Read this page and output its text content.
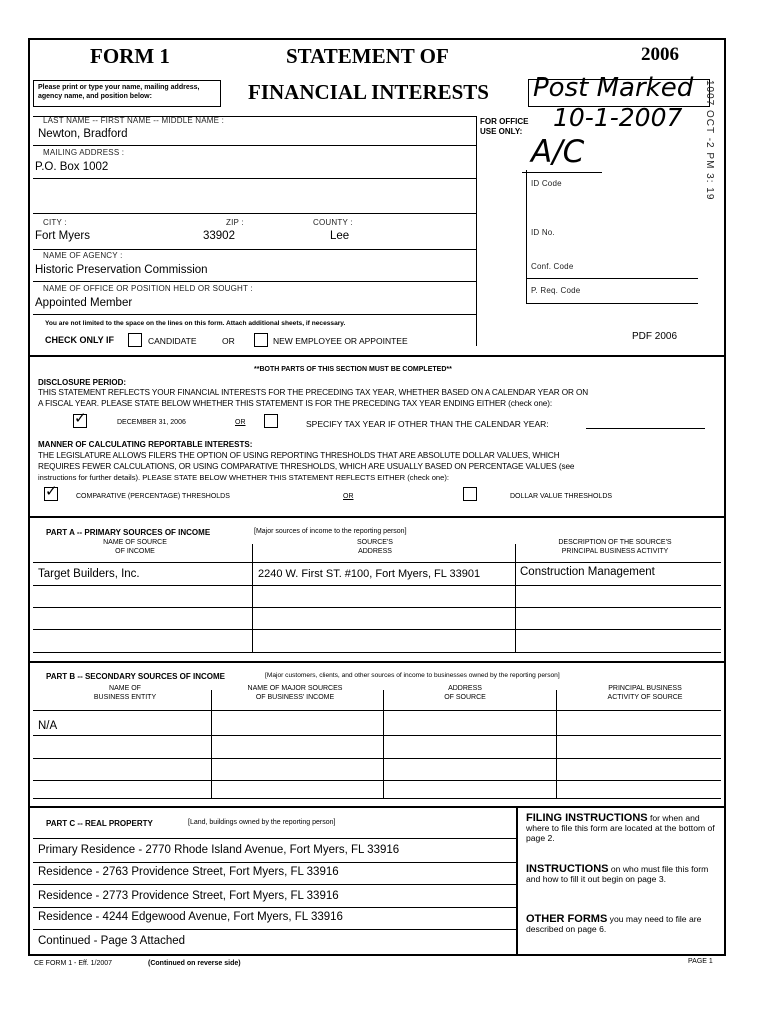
FORM 1	STATEMENT OF	2006
Please print or type your name, mailing address, agency name, and position below:	FINANCIAL INTERESTS Post Marked
10-1-2007
A/C	1007 OCT -2 PM 3: 19
LAST NAME -- FIRST NAME -- MIDDLE NAME :
Newton, Bradford
MAILING ADDRESS :
P.O. Box 1002
CITY :	ZIP :	COUNTY :
Fort Myers	33902	Lee
NAME OF AGENCY :
Historic Preservation Commission
NAME OF OFFICE OR POSITION HELD OR SOUGHT :
Appointed Member
You are not limited to the space on the lines on this form. Attach additional sheets, if necessary.
CHECK ONLY IF	CANDIDATE	OR	NEW EMPLOYEE OR APPOINTEE
FOR OFFICE USE ONLY:
ID Code
ID No.
Conf. Code
P. Req. Code
PDF 2006
**BOTH PARTS OF THIS SECTION MUST BE COMPLETED**
DISCLOSURE PERIOD:
THIS STATEMENT REFLECTS YOUR FINANCIAL INTERESTS FOR THE PRECEDING TAX YEAR, WHETHER BASED ON A CALENDAR YEAR OR ON
A FISCAL YEAR. PLEASE STATE BELOW WHETHER THIS STATEMENT IS FOR THE PRECEDING TAX YEAR ENDING EITHER (check one):
✓	DECEMBER 31, 2006	OR	SPECIFY TAX YEAR IF OTHER THAN THE CALENDAR YEAR:
MANNER OF CALCULATING REPORTABLE INTERESTS:
THE LEGISLATURE ALLOWS FILERS THE OPTION OF USING REPORTING THRESHOLDS THAT ARE ABSOLUTE DOLLAR VALUES, WHICH
REQUIRES FEWER CALCULATIONS, OR USING COMPARATIVE THRESHOLDS, WHICH ARE USUALLY BASED ON PERCENTAGE VALUES (see
instructions for further details). PLEASE STATE BELOW WHETHER THIS STATEMENT REFLECTS EITHER (check one):
✓	COMPARATIVE (PERCENTAGE) THRESHOLDS	OR	DOLLAR VALUE THRESHOLDS
PART A -- PRIMARY SOURCES OF INCOME	[Major sources of income to the reporting person]
NAME OF SOURCE
OF INCOME
SOURCE'S
ADDRESS
DESCRIPTION OF THE SOURCE'S
PRINCIPAL BUSINESS ACTIVITY
Target Builders, Inc.	2240 W. First ST. #100, Fort Myers, FL 33901	Construction Management
PART B -- SECONDARY SOURCES OF INCOME	[Major customers, clients, and other sources of income to businesses owned by the reporting person]
NAME OF
BUSINESS ENTITY
NAME OF MAJOR SOURCES
OF BUSINESS' INCOME
ADDRESS
OF SOURCE
PRINCIPAL BUSINESS
ACTIVITY OF SOURCE
N/A
PART C -- REAL PROPERTY	[Land, buildings owned by the reporting person]
Primary Residence - 2770 Rhode Island Avenue, Fort Myers, FL 33916
Residence - 2763 Providence Street, Fort Myers, FL 33916
Residence - 2773 Providence Street, Fort Myers, FL 33916
Residence - 4244 Edgewood Avenue, Fort Myers, FL 33916
Continued - Page 3 Attached
FILING INSTRUCTIONS for when and where to file this form are located at the bottom of page 2.
INSTRUCTIONS on who must file this form and how to fill it out begin on page 3.
OTHER FORMS you may need to file are described on page 6.
CE FORM 1 - Eff. 1/2007	(Continued on reverse side)	PAGE 1
